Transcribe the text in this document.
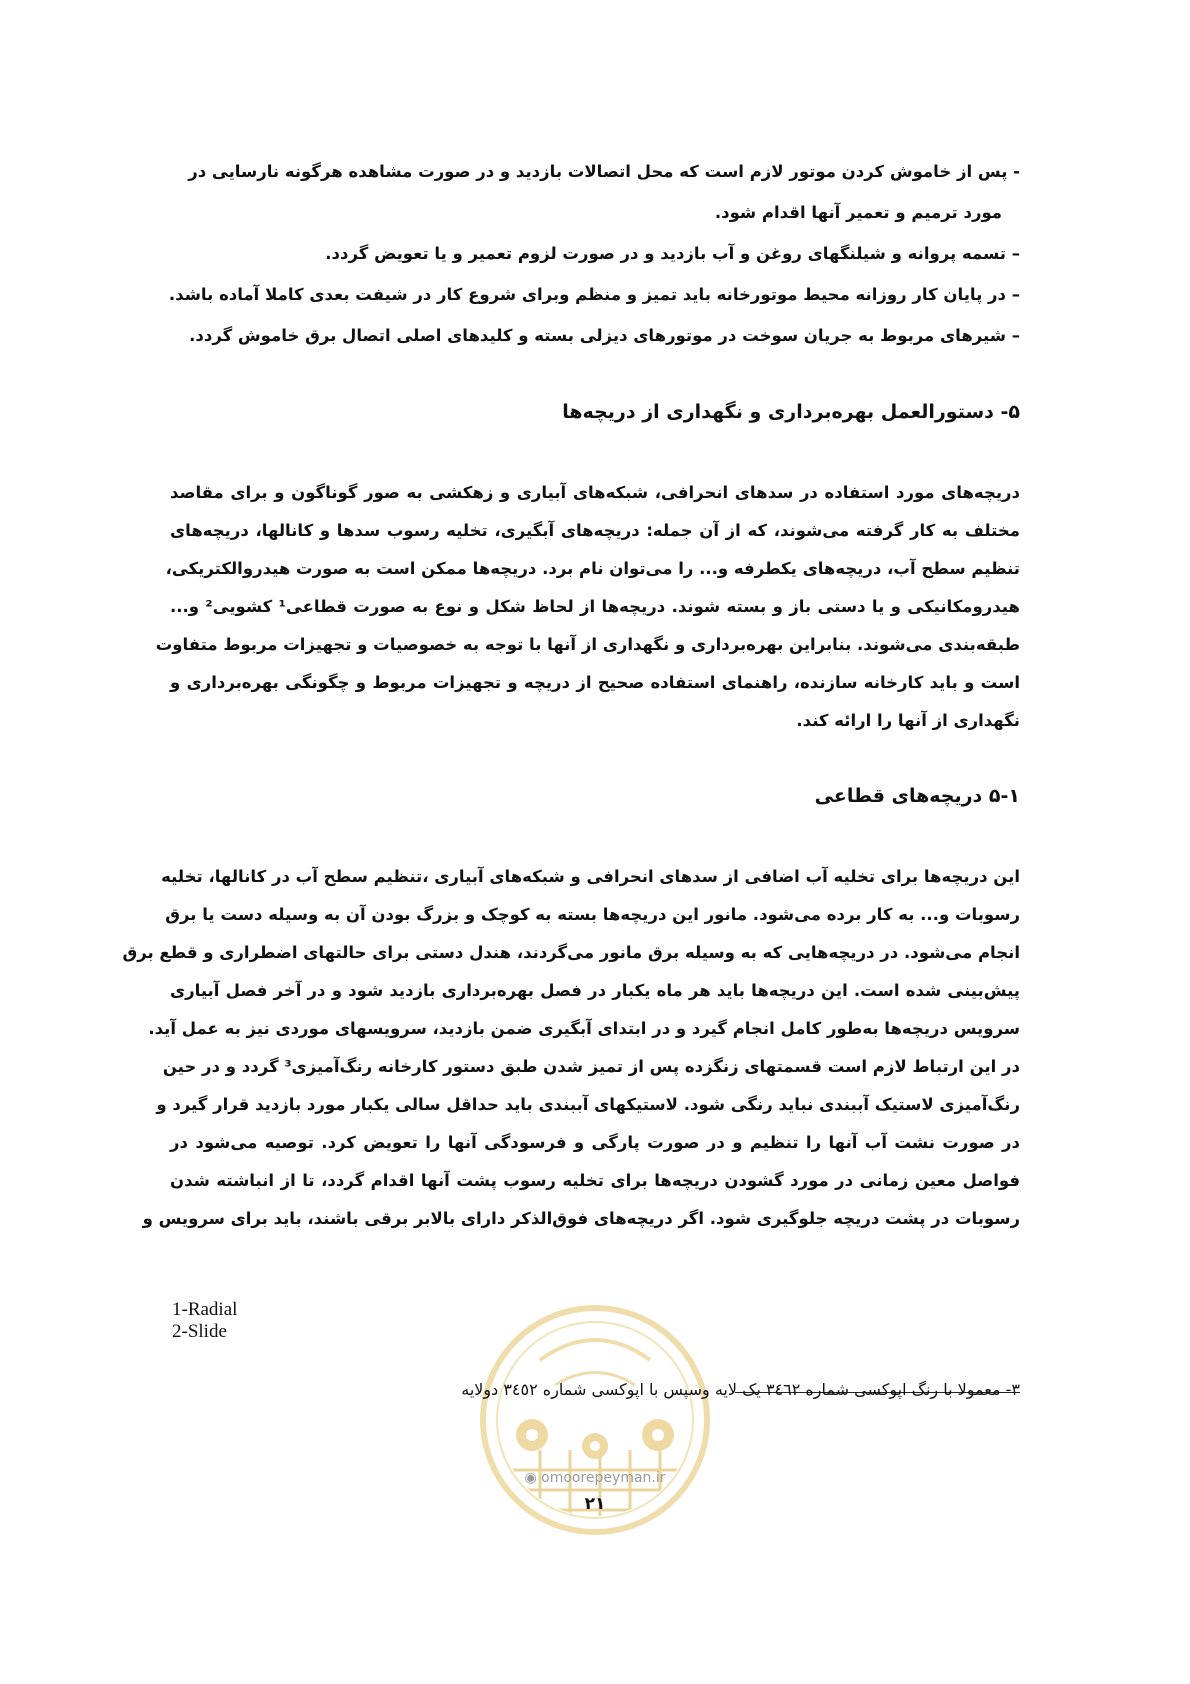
- پس از خاموش کردن موتور لازم است که محل اتصالات بازدید و در صورت مشاهده هرگونه نارسایی در
مورد ترمیم و تعمیر آنها اقدام شود.
– تسمه پروانه و شیلنگهای روغن و آب بازدید و در صورت لزوم تعمیر و یا تعویض گردد.
– در پایان کار روزانه محیط موتورخانه باید تمیز و منظم وبرای شروع کار در شیفت بعدی کاملا آماده باشد.
– شیرهای مربوط به جریان سوخت در موتورهای دیزلی بسته و کلیدهای اصلی اتصال برق خاموش گردد.
۵- دستورالعمل بهره‌برداری و نگهداری از دریچه‌ها
دریچه‌های مورد استفاده در سدهای انحرافی، شبکه‌های آبیاری و زهکشی به صور گوناگون و برای مقاصد
مختلف به کار گرفته می‌شوند، که از آن جمله: دریچه‌های آبگیری، تخلیه رسوب سدها و کانالها، دریچه‌های
تنظیم سطح آب، دریچه‌های یکطرفه و... را می‌توان نام برد. دریچه‌ها ممکن است به صورت هیدروالکتریکی،
هیدرومکانیکی و یا دستی باز و بسته شوند. دریچه‌ها از لحاظ شکل و نوع به صورت قطاعی¹ کشویی² و...
طبقه‌بندی می‌شوند. بنابراین بهره‌برداری و نگهداری از آنها با توجه به خصوصیات و تجهیزات مربوط متفاوت
است و باید کارخانه سازنده، راهنمای استفاده صحیح از دریچه و تجهیزات مربوط و چگونگی بهره‌برداری و
نگهداری از آنها را ارائه کند.
۵-۱ دریچه‌های قطاعی
این دریچه‌ها برای تخلیه آب اضافی از سدهای انحرافی و شبکه‌های آبیاری ،تنظیم سطح آب در کانالها، تخلیه
رسوبات و... به کار برده می‌شود. مانور این دریچه‌ها بسته به کوچک و بزرگ بودن آن به وسیله دست یا برق
انجام می‌شود. در دریچه‌هایی که به وسیله برق مانور می‌گردند، هندل دستی برای حالتهای اضطراری و قطع برق
پیش‌بینی شده است. این دریچه‌ها باید هر ماه یکبار در فصل بهره‌برداری بازدید شود و در آخر فصل آبیاری
سرویس دریچه‌ها به‌طور کامل انجام گیرد و در ابتدای آبگیری ضمن بازدید، سرویسهای موردی نیز به عمل آید.
در این ارتباط لازم است قسمتهای زنگزده پس از تمیز شدن طبق دستور کارخانه رنگ‌آمیزی³ گردد و در حین
رنگ‌آمیزی لاستیک آببندی نباید رنگی شود. لاستیکهای آببندی باید حداقل سالی یکبار مورد بازدید قرار گیرد و
در صورت نشت آب آنها را تنظیم و در صورت پارگی و فرسودگی آنها را تعویض کرد. توصیه می‌شود در
فواصل معین زمانی در مورد گشودن دریچه‌ها برای تخلیه رسوب پشت آنها اقدام گردد، تا از انباشته شدن
رسوبات در پشت دریچه جلوگیری شود. اگر دریچه‌های فوق‌الذکر دارای بالابر برقی باشند، باید برای سرویس و
1-Radial
2-Slide
۳- معمولا با رنگ اپوکسی شماره ۳٤٦۲ یک لایه وسپس با اپوکسی شماره ۳٤٥۲ دولایه
◉ omoorepeyman.ir
۲۱
